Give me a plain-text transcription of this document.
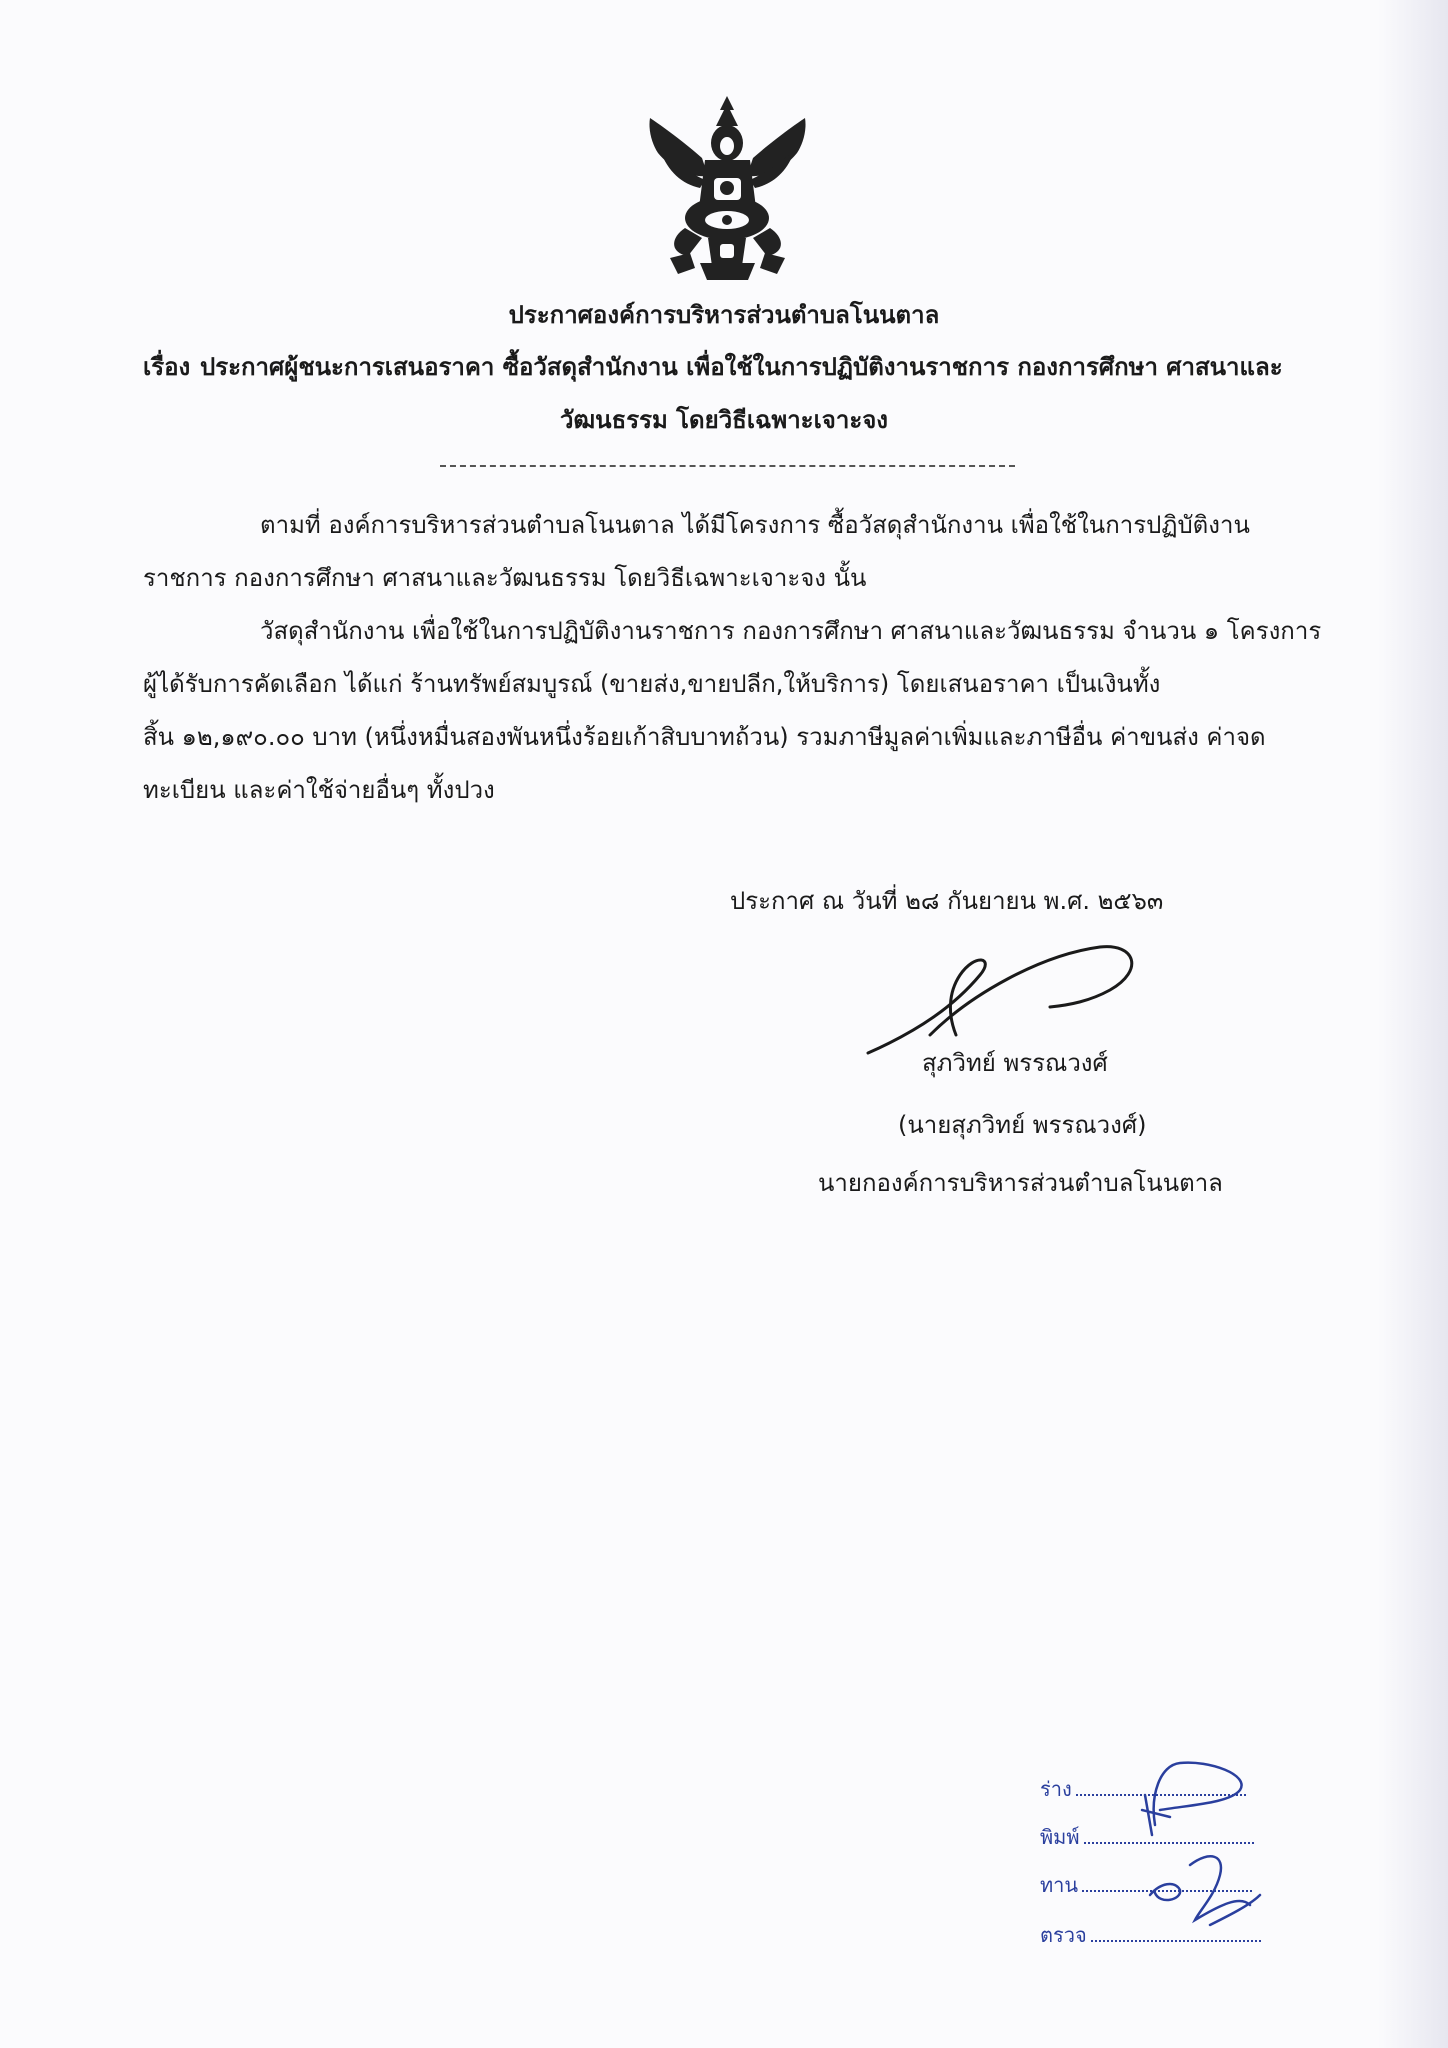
ประกาศองค์การบริหารส่วนตำบลโนนตาล
เรื่อง ประกาศผู้ชนะการเสนอราคา ซื้อวัสดุสำนักงาน เพื่อใช้ในการปฏิบัติงานราชการ กองการศึกษา ศาสนาและ
วัฒนธรรม โดยวิธีเฉพาะเจาะจง
ตามที่ องค์การบริหารส่วนตำบลโนนตาล ได้มีโครงการ ซื้อวัสดุสำนักงาน เพื่อใช้ในการปฏิบัติงาน
ราชการ กองการศึกษา ศาสนาและวัฒนธรรม โดยวิธีเฉพาะเจาะจง นั้น
วัสดุสำนักงาน เพื่อใช้ในการปฏิบัติงานราชการ กองการศึกษา ศาสนาและวัฒนธรรม จำนวน ๑ โครงการ
ผู้ได้รับการคัดเลือก ได้แก่ ร้านทรัพย์สมบูรณ์ (ขายส่ง,ขายปลีก,ให้บริการ) โดยเสนอราคา เป็นเงินทั้ง
สิ้น ๑๒,๑๙๐.๐๐ บาท (หนึ่งหมื่นสองพันหนึ่งร้อยเก้าสิบบาทถ้วน) รวมภาษีมูลค่าเพิ่มและภาษีอื่น ค่าขนส่ง ค่าจด
ทะเบียน และค่าใช้จ่ายอื่นๆ ทั้งปวง
ประกาศ ณ วันที่ ๒๘ กันยายน พ.ศ. ๒๕๖๓
สุภวิทย์ พรรณวงศ์
(นายสุภวิทย์ พรรณวงศ์)
นายกองค์การบริหารส่วนตำบลโนนตาล
ร่าง
พิมพ์
ทาน
ตรวจ
